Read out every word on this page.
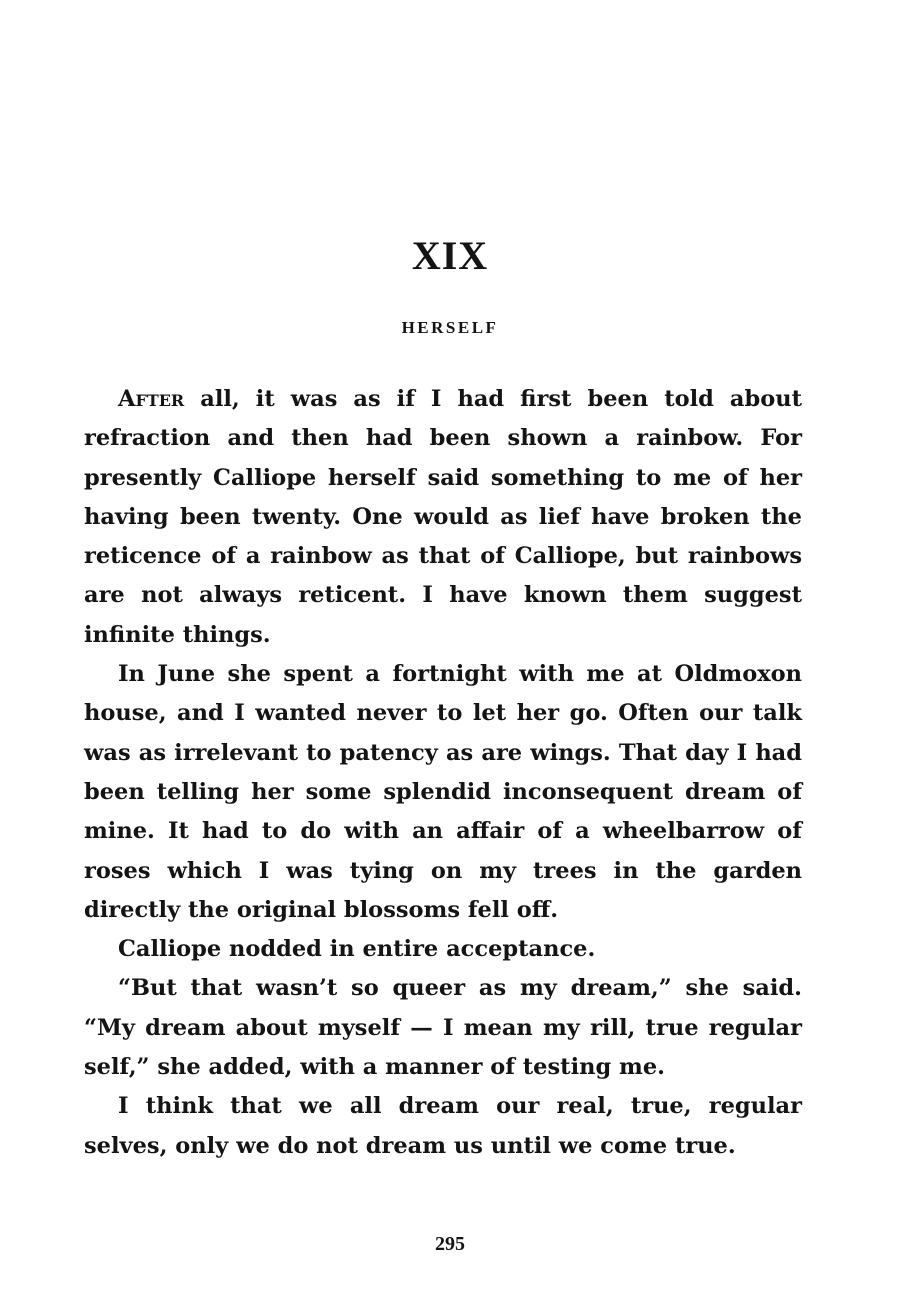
XIX
HERSELF

After all, it was as if I had first been told about refraction and then had been shown a rainbow. For presently Calliope herself said something to me of her having been twenty. One would as lief have broken the reticence of a rainbow as that of Calliope, but rainbows are not always reticent. I have known them suggest infinite things.

In June she spent a fortnight with me at Oldmoxon house, and I wanted never to let her go. Often our talk was as irrelevant to patency as are wings. That day I had been telling her some splendid inconsequent dream of mine. It had to do with an affair of a wheelbarrow of roses which I was tying on my trees in the garden directly the original blossoms fell off.

Calliope nodded in entire acceptance.

“But that wasn’t so queer as my dream,” she said. “My dream about myself — I mean my rill, true regular self,” she added, with a manner of testing me.

I think that we all dream our real, true, regular selves, only we do not dream us until we come true.

295
